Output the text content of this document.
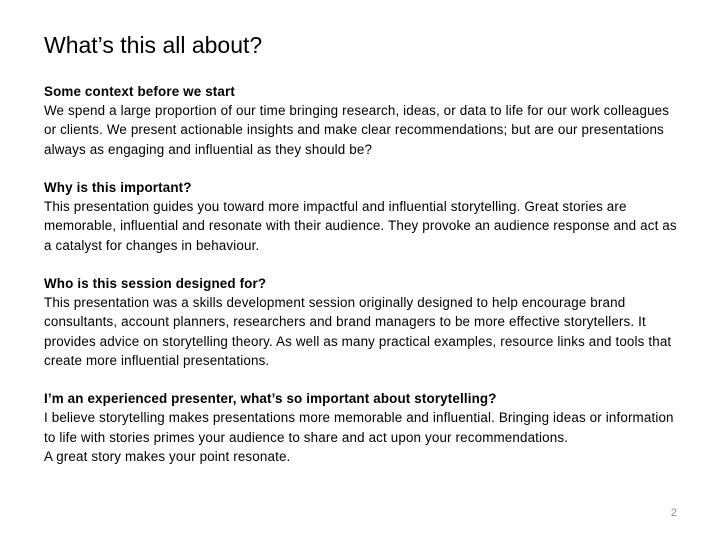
What’s this all about?
Some context before we start
We spend a large proportion of our time bringing research, ideas, or data to life for our work colleagues or clients. We present actionable insights and make clear recommendations; but are our presentations always as engaging and influential as they should be?
Why is this important?
This presentation guides you toward more impactful and influential storytelling. Great stories are memorable, influential and resonate with their audience. They provoke an audience response and act as a catalyst for changes in behaviour.
Who is this session designed for?
This presentation was a skills development session originally designed to help encourage brand consultants, account planners, researchers and brand managers to be more effective storytellers. It provides advice on storytelling theory. As well as many practical examples, resource links and tools that create more influential presentations.
I’m an experienced presenter, what’s so important about storytelling?
I believe storytelling makes presentations more memorable and influential. Bringing ideas or information to life with stories primes your audience to share and act upon your recommendations.
A great story makes your point resonate.
2
